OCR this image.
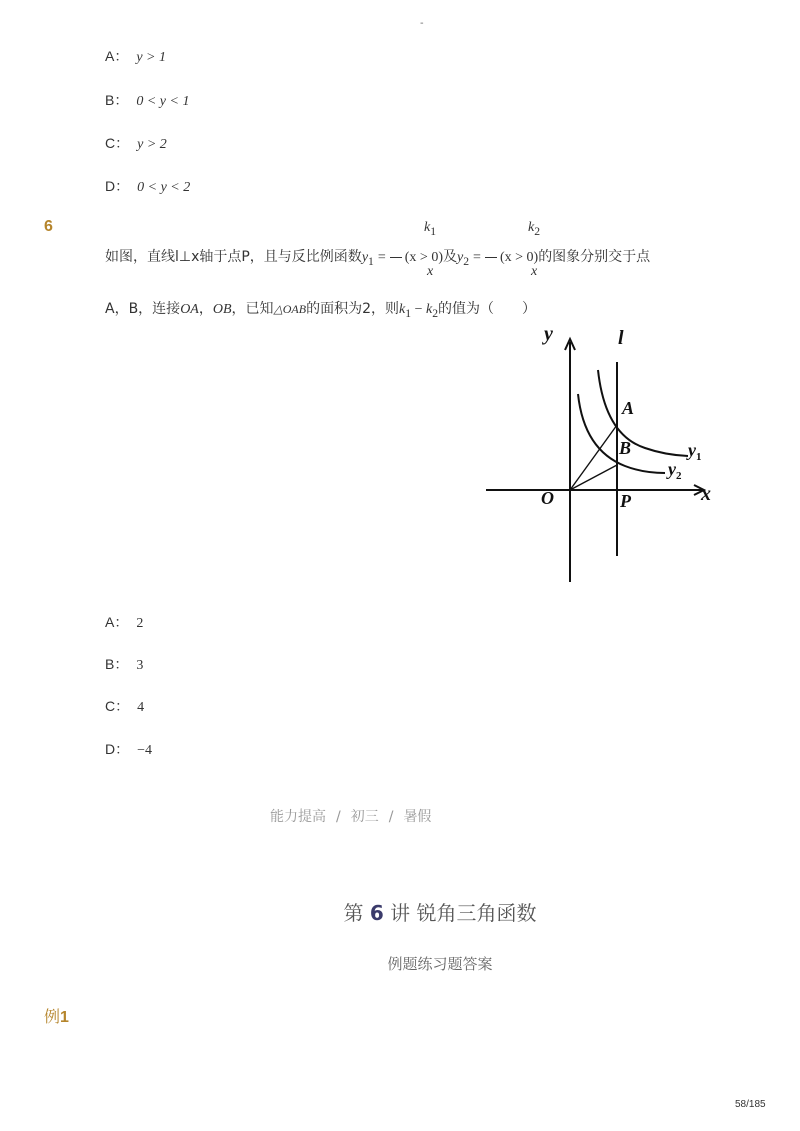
-
A： y > 1
B： 0 < y < 1
C： y > 2
D： 0 < y < 2
6	$k_1$	$k_2$
如图，直线l⊥x轴于点P，且与反比例函数$y_1 = (x > 0)$及$y_2 = (x > 0)$的图象分别交于点
x	x
A，B，连接OA，OB，已知△OAB的面积为2，则$k_1 - k_2$的值为（　　）
y	l
A
B
O	P	x
$y_1$
$y_2$
A： 2
B： 3
C： 4
D： −4
能力提高 / 初三 / 暑假
第 6 讲 锐角三角函数
例题练习题答案
例1
58/185
